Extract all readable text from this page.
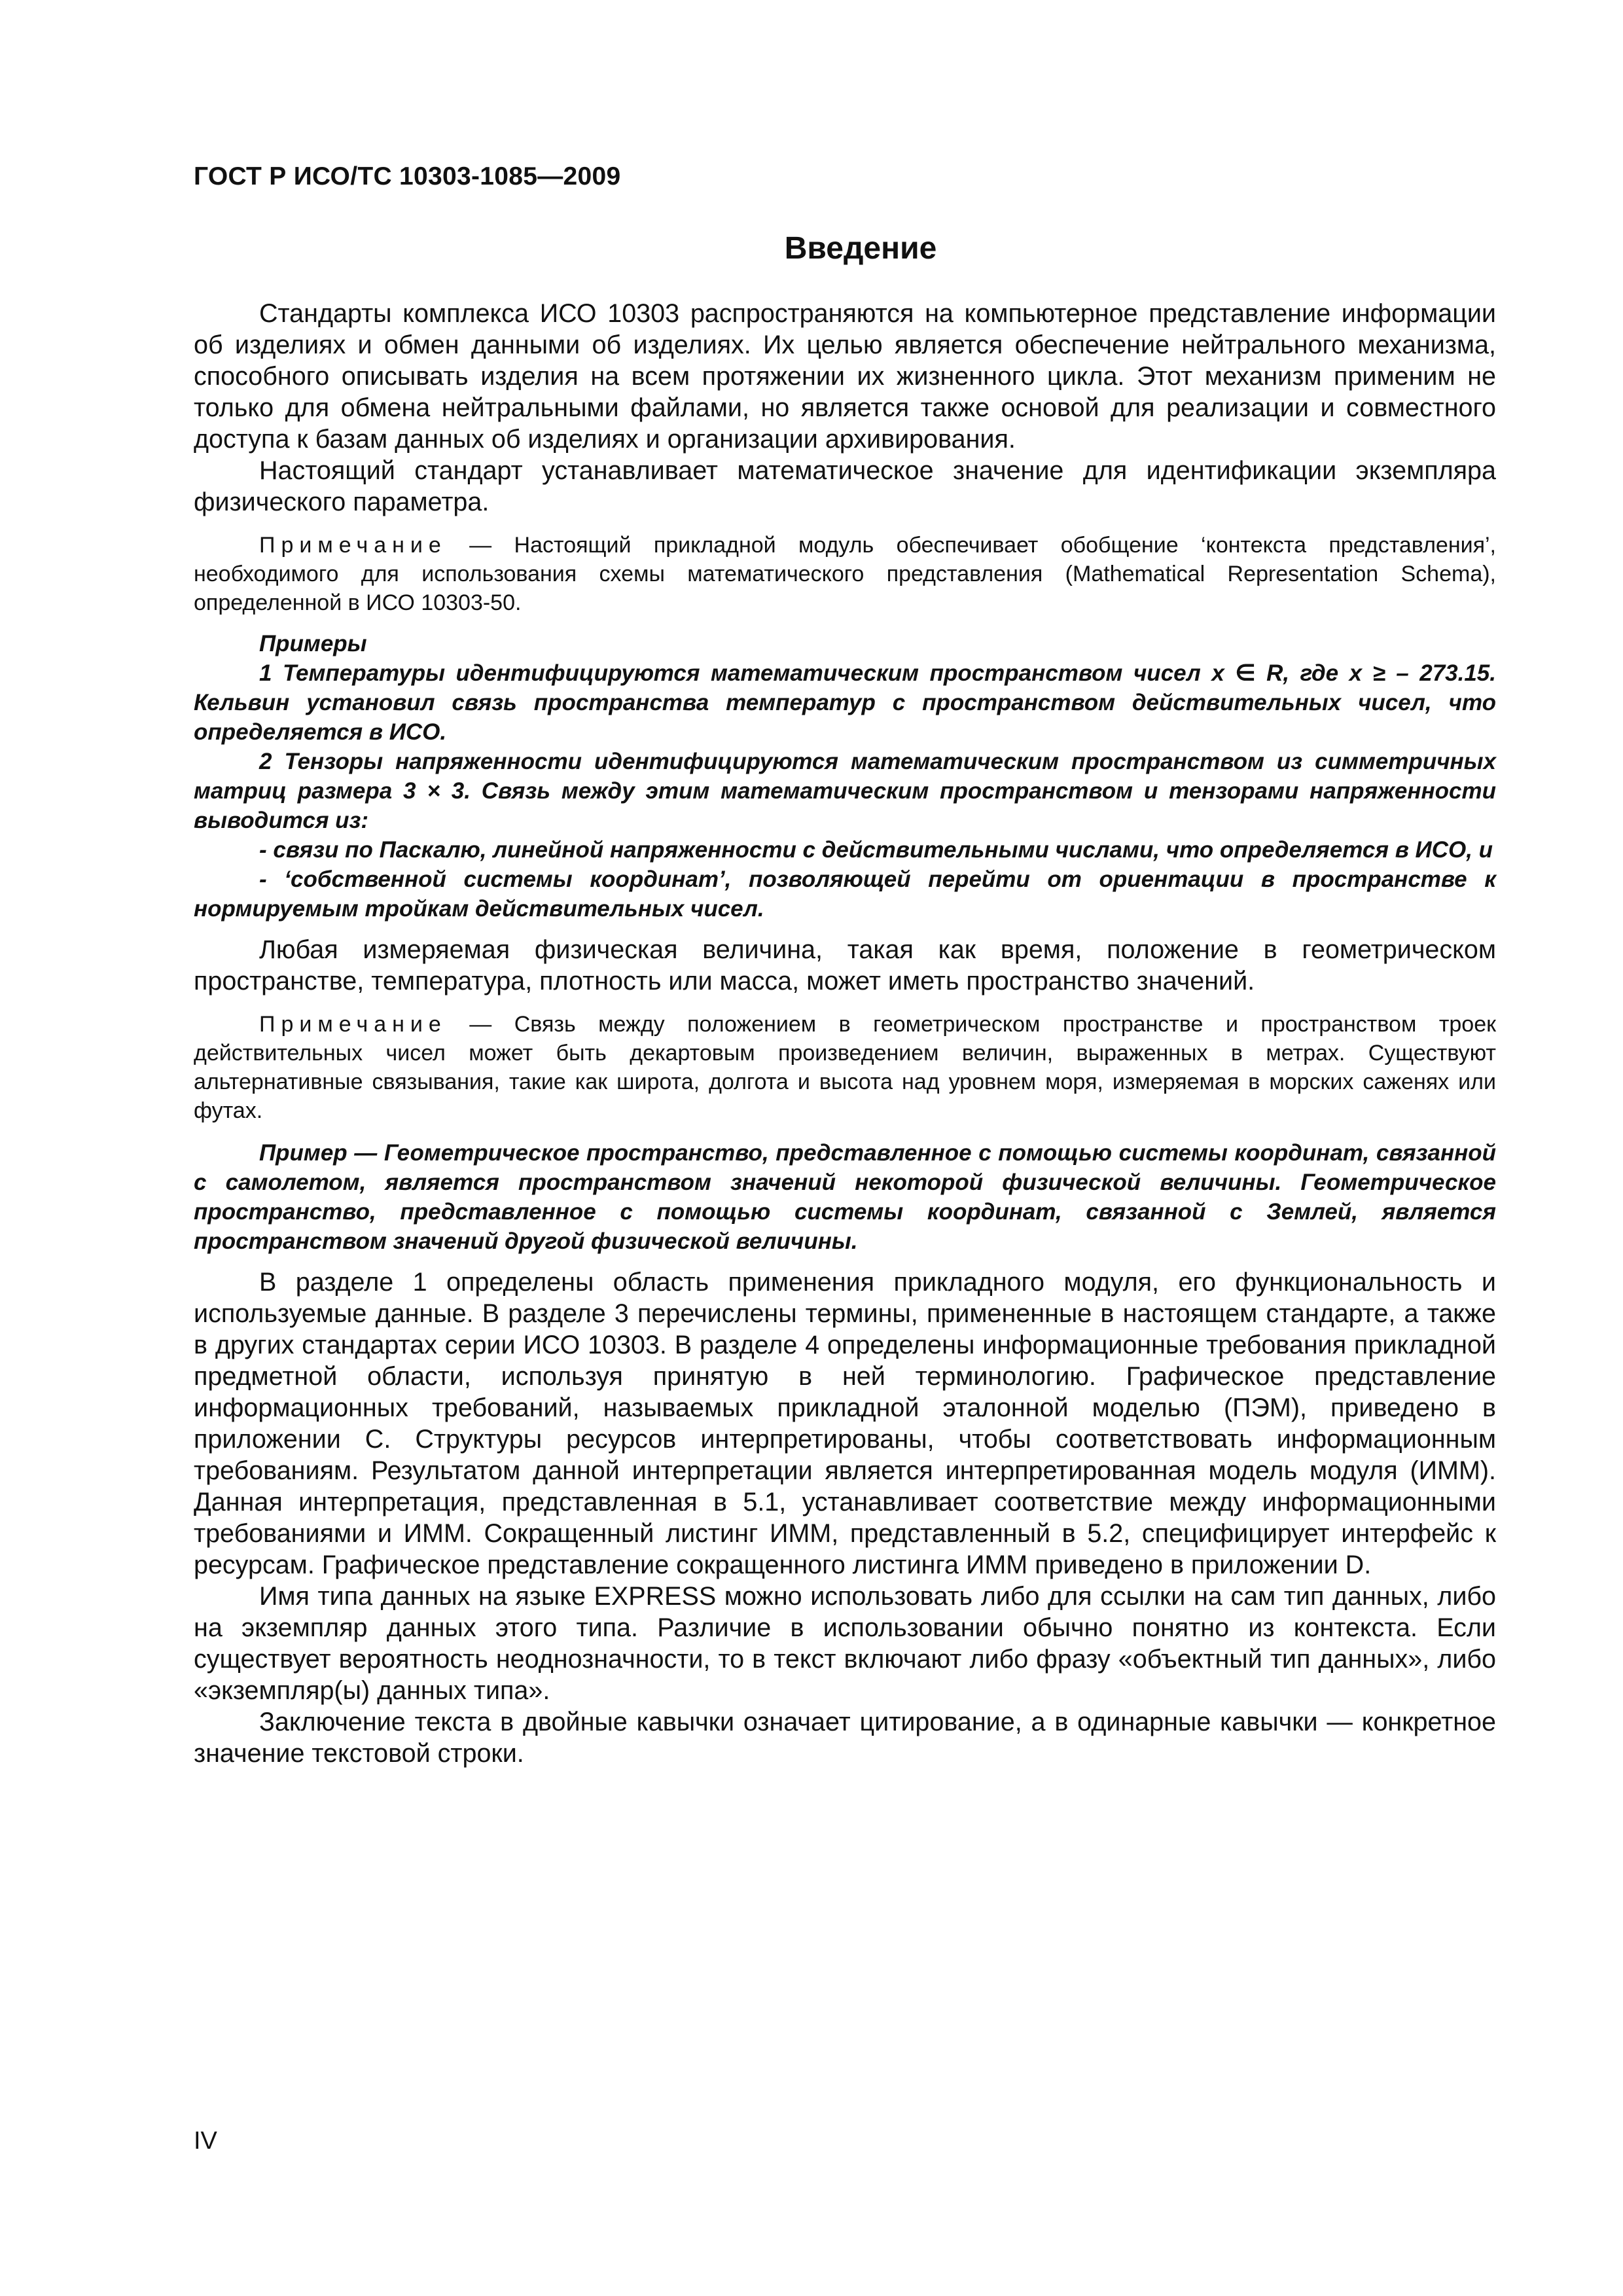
ГОСТ Р ИСО/ТС 10303-1085—2009
Введение

Стандарты комплекса ИСО 10303 распространяются на компьютерное представление информации об изделиях и обмен данными об изделиях. Их целью является обеспечение нейтрального механизма, способного описывать изделия на всем протяжении их жизненного цикла. Этот механизм применим не только для обмена нейтральными файлами, но является также основой для реализации и совместного доступа к базам данных об изделиях и организации архивирования.

Настоящий стандарт устанавливает математическое значение для идентификации экземпляра физического параметра.

Примечание — Настоящий прикладной модуль обеспечивает обобщение ‘контекста представления’, необходимого для использования схемы математического представления (Mathematical Representation Schema), определенной в ИСО 10303-50.

Примеры

1 Температуры идентифицируются математическим пространством чисел x ∈ R, где x ≥ – 273.15. Кельвин установил связь пространства температур с пространством действительных чисел, что определяется в ИСО.

2 Тензоры напряженности идентифицируются математическим пространством из симметричных матриц размера 3 × 3. Связь между этим математическим пространством и тензорами напряженности выводится из:

- связи по Паскалю, линейной напряженности с действительными числами, что определяется в ИСО, и

- ‘собственной системы координат’, позволяющей перейти от ориентации в пространстве к нормируемым тройкам действительных чисел.

Любая измеряемая физическая величина, такая как время, положение в геометрическом пространстве, температура, плотность или масса, может иметь пространство значений.

Примечание — Связь между положением в геометрическом пространстве и пространством троек действительных чисел может быть декартовым произведением величин, выраженных в метрах. Существуют альтернативные связывания, такие как широта, долгота и высота над уровнем моря, измеряемая в морских саженях или футах.

Пример — Геометрическое пространство, представленное с помощью системы координат, связанной с самолетом, является пространством значений некоторой физической величины. Геометрическое пространство, представленное с помощью системы координат, связанной с Землей, является пространством значений другой физической величины.

В разделе 1 определены область применения прикладного модуля, его функциональность и используемые данные. В разделе 3 перечислены термины, примененные в настоящем стандарте, а также в других стандартах серии ИСО 10303. В разделе 4 определены информационные требования прикладной предметной области, используя принятую в ней терминологию. Графическое представление информационных требований, называемых прикладной эталонной моделью (ПЭМ), приведено в приложении С. Структуры ресурсов интерпретированы, чтобы соответствовать информационным требованиям. Результатом данной интерпретации является интерпретированная модель модуля (ИММ). Данная интерпретация, представленная в 5.1, устанавливает соответствие между информационными требованиями и ИММ. Сокращенный листинг ИММ, представленный в 5.2, специфицирует интерфейс к ресурсам. Графическое представление сокращенного листинга ИММ приведено в приложении D.

Имя типа данных на языке EXPRESS можно использовать либо для ссылки на сам тип данных, либо на экземпляр данных этого типа. Различие в использовании обычно понятно из контекста. Если существует вероятность неоднозначности, то в текст включают либо фразу «объектный тип данных», либо «экземпляр(ы) данных типа».

Заключение текста в двойные кавычки означает цитирование, а в одинарные кавычки — конкретное значение текстовой строки.

IV
